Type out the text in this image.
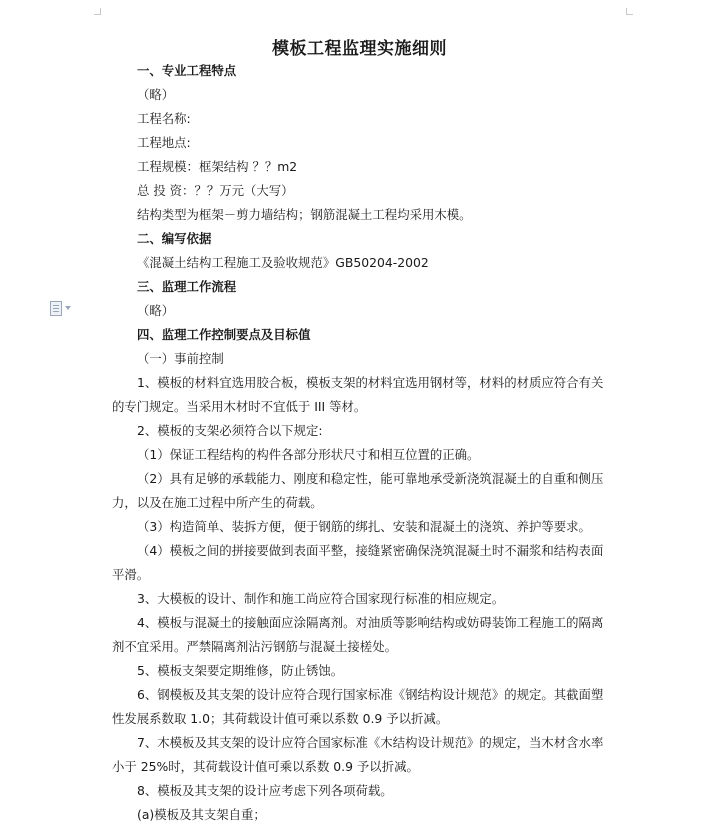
模板工程监理实施细则
一、专业工程特点
（略）
工程名称:
工程地点:
工程规模：框架结构 ？？m2
总 投 资：？？万元（大写）
结构类型为框架－剪力墙结构；钢筋混凝土工程均采用木模。
二、编写依据
《混凝土结构工程施工及验收规范》GB50204-2002
三、监理工作流程
（略）
四、监理工作控制要点及目标值
（一）事前控制
1、模板的材料宜选用胶合板，模板支架的材料宜选用钢材等，材料的材质应符合有关
的专门规定。当采用木材时不宜低于 III 等材。
2、模板的支架必须符合以下规定:
（1）保证工程结构的构件各部分形状尺寸和相互位置的正确。
（2）具有足够的承载能力、刚度和稳定性，能可靠地承受新浇筑混凝土的自重和侧压
力，以及在施工过程中所产生的荷载。
（3）构造简单、装拆方便，便于钢筋的绑扎、安装和混凝土的浇筑、养护等要求。
（4）模板之间的拼接要做到表面平整，接缝紧密确保浇筑混凝土时不漏浆和结构表面
平滑。
3、大模板的设计、制作和施工尚应符合国家现行标准的相应规定。
4、模板与混凝土的接触面应涂隔离剂。对油质等影响结构或妨碍装饰工程施工的隔离
剂不宜采用。严禁隔离剂沾污钢筋与混凝土接槎处。
5、模板支架要定期维修，防止锈蚀。
6、钢模板及其支架的设计应符合现行国家标准《钢结构设计规范》的规定。其截面塑
性发展系数取 1.0；其荷载设计值可乘以系数 0.9 予以折减。
7、木模板及其支架的设计应符合国家标准《木结构设计规范》的规定，当木材含水率
小于 25%时，其荷载设计值可乘以系数 0.9 予以折减。
8、模板及其支架的设计应考虑下列各项荷载。
(a)模板及其支架自重；
